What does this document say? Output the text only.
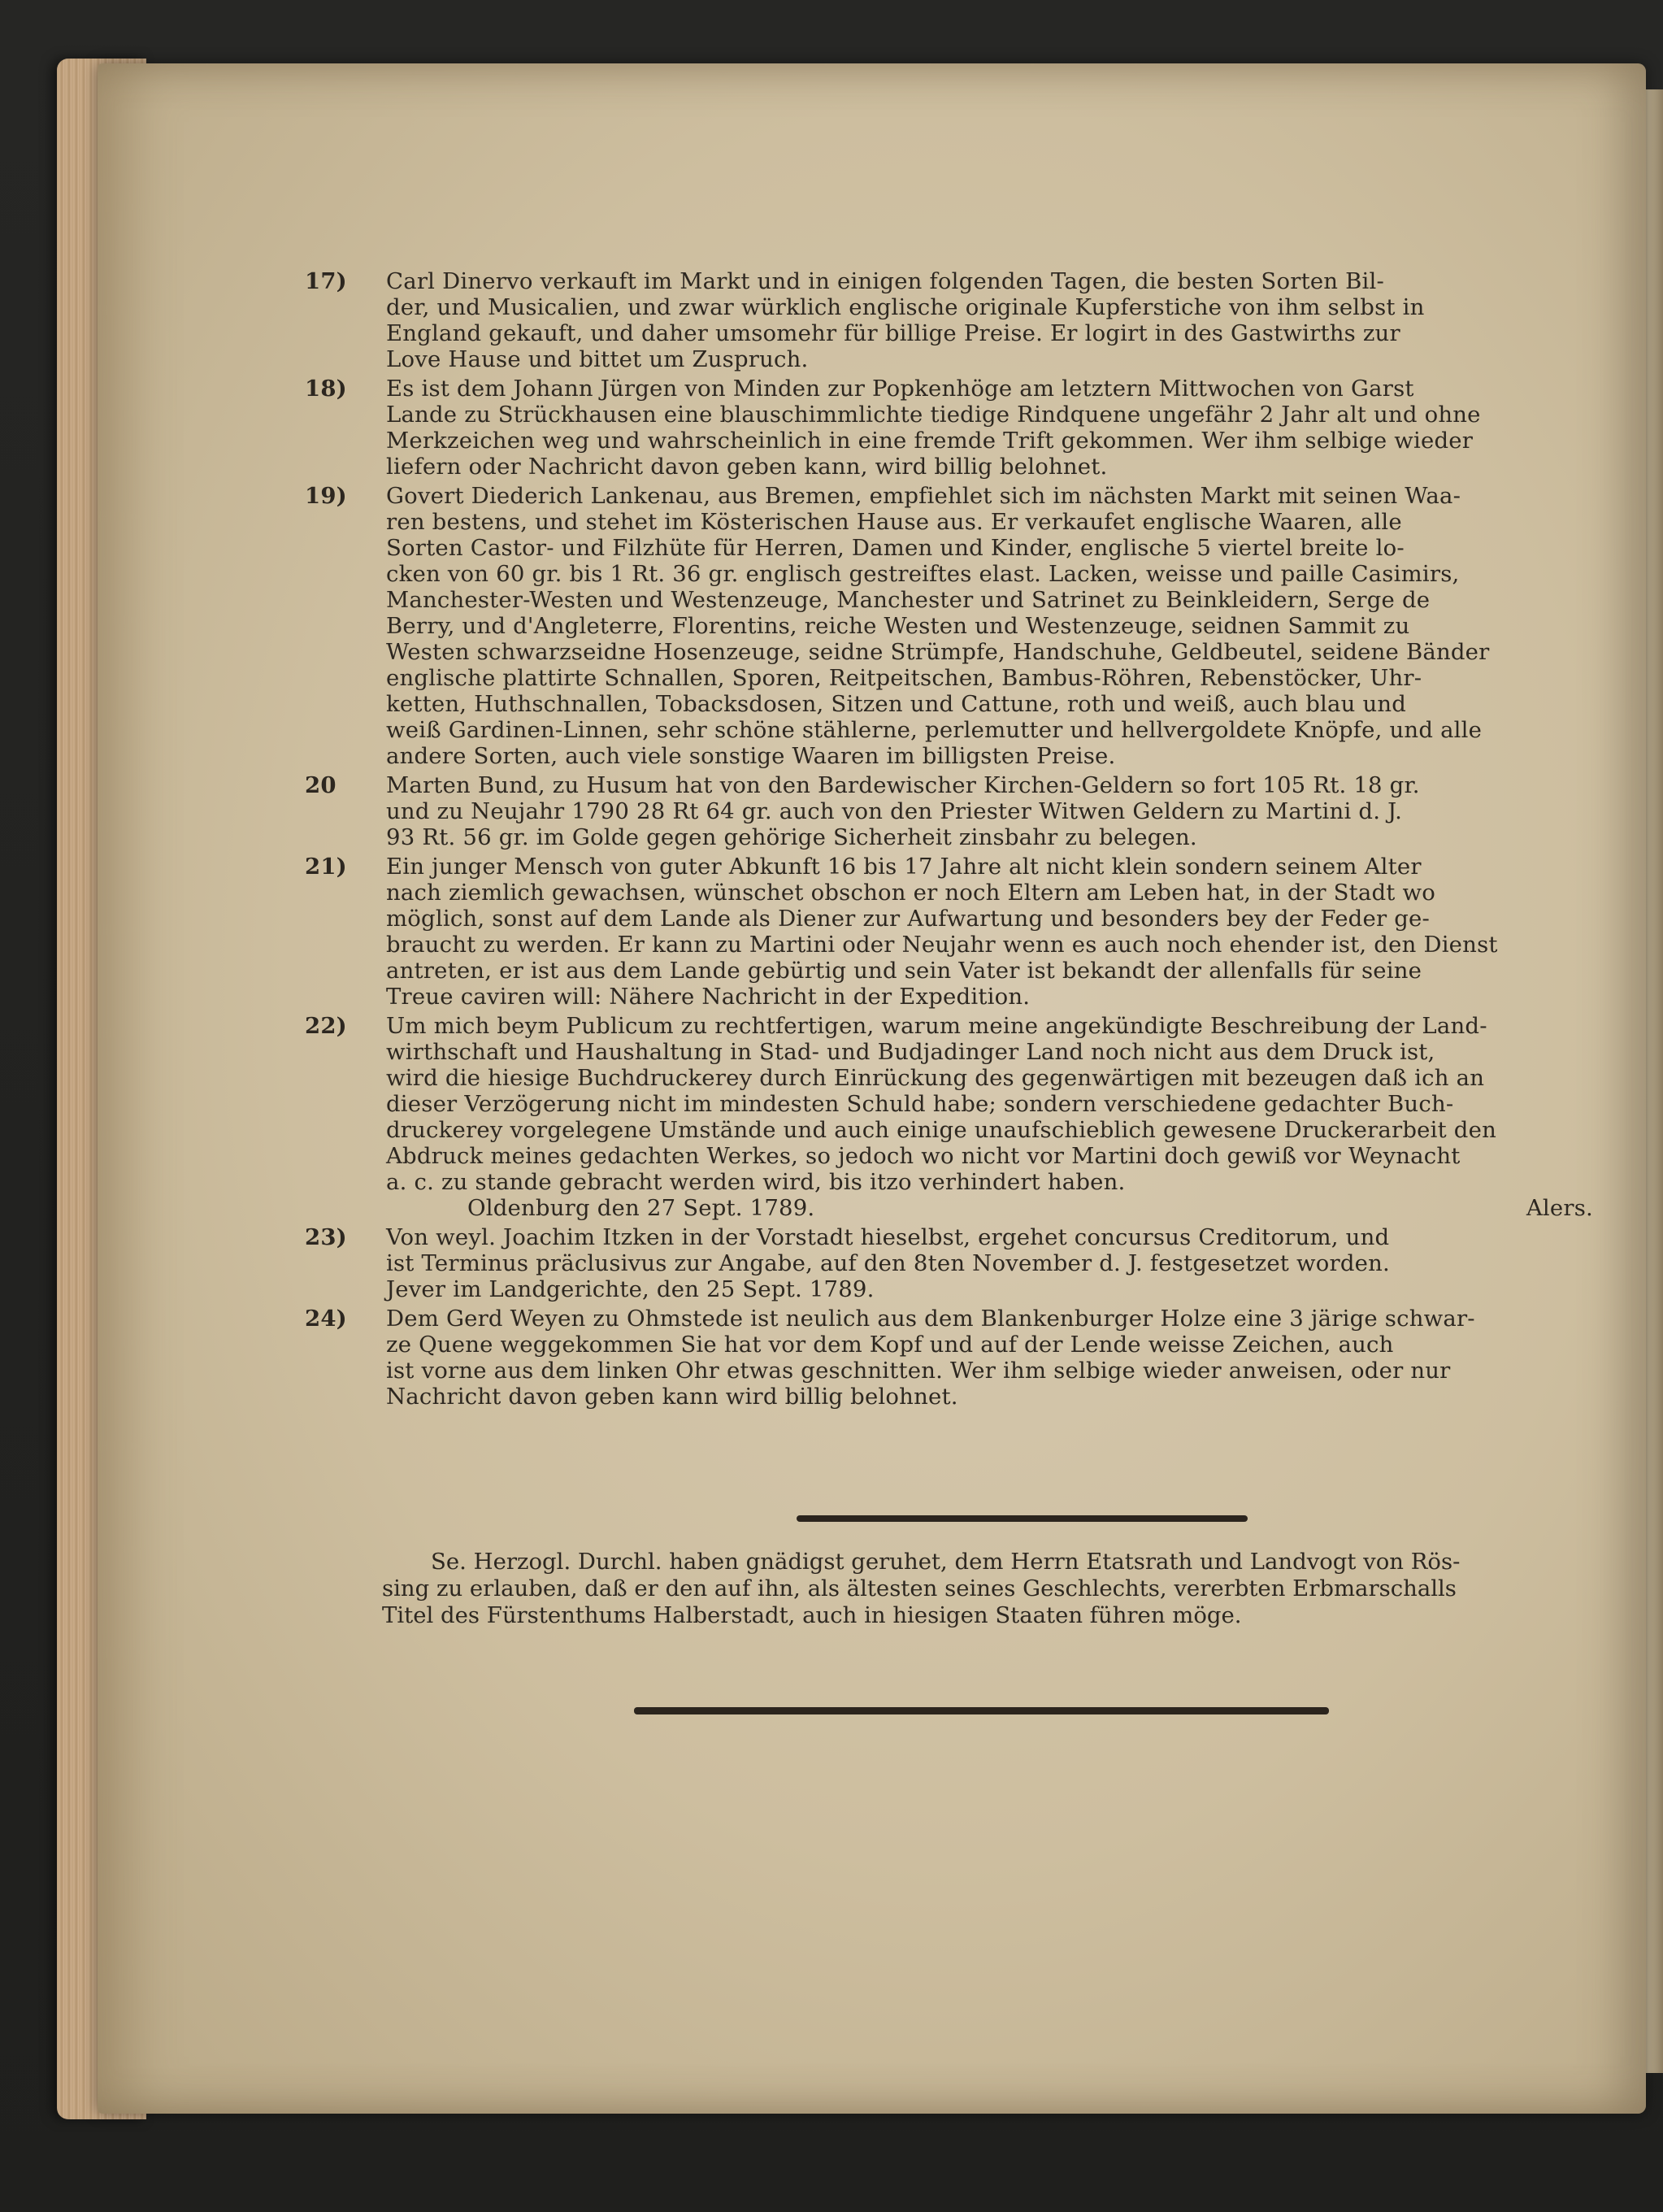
17)	Carl Dinervo verkauft im Markt und in einigen folgenden Tagen, die besten Sorten Bil-
der, und Musicalien, und zwar würklich englische originale Kupferstiche von ihm selbst in
England gekauft, und daher umsomehr für billige Preise. Er logirt in des Gastwirths zur
Love Hause und bittet um Zuspruch.
18)	Es ist dem Johann Jürgen von Minden zur Popkenhöge am letztern Mittwochen von Garst
Lande zu Strückhausen eine blauschimmlichte tiedige Rindquene ungefähr 2 Jahr alt und ohne
Merkzeichen weg und wahrscheinlich in eine fremde Trift gekommen. Wer ihm selbige wieder
liefern oder Nachricht davon geben kann, wird billig belohnet.
19)	Govert Diederich Lankenau, aus Bremen, empfiehlet sich im nächsten Markt mit seinen Waa-
ren bestens, und stehet im Kösterischen Hause aus. Er verkaufet englische Waaren, alle
Sorten Castor- und Filzhüte für Herren, Damen und Kinder, englische 5 viertel breite lo-
cken von 60 gr. bis 1 Rt. 36 gr. englisch gestreiftes elast. Lacken, weisse und paille Casimirs,
Manchester-Westen und Westenzeuge, Manchester und Satrinet zu Beinkleidern, Serge de
Berry, und d'Angleterre, Florentins, reiche Westen und Westenzeuge, seidnen Sammit zu
Westen schwarzseidne Hosenzeuge, seidne Strümpfe, Handschuhe, Geldbeutel, seidene Bänder
englische plattirte Schnallen, Sporen, Reitpeitschen, Bambus-Röhren, Rebenstöcker, Uhr-
ketten, Huthschnallen, Tobacksdosen, Sitzen und Cattune, roth und weiß, auch blau und
weiß Gardinen-Linnen, sehr schöne stählerne, perlemutter und hellvergoldete Knöpfe, und alle
andere Sorten, auch viele sonstige Waaren im billigsten Preise.
20	Marten Bund, zu Husum hat von den Bardewischer Kirchen-Geldern so fort 105 Rt. 18 gr.
und zu Neujahr 1790 28 Rt 64 gr. auch von den Priester Witwen Geldern zu Martini d. J.
93 Rt. 56 gr. im Golde gegen gehörige Sicherheit zinsbahr zu belegen.
21)	Ein junger Mensch von guter Abkunft 16 bis 17 Jahre alt nicht klein sondern seinem Alter
nach ziemlich gewachsen, wünschet obschon er noch Eltern am Leben hat, in der Stadt wo
möglich, sonst auf dem Lande als Diener zur Aufwartung und besonders bey der Feder ge-
braucht zu werden. Er kann zu Martini oder Neujahr wenn es auch noch ehender ist, den Dienst
antreten, er ist aus dem Lande gebürtig und sein Vater ist bekandt der allenfalls für seine
Treue caviren will: Nähere Nachricht in der Expedition.
22)	Um mich beym Publicum zu rechtfertigen, warum meine angekündigte Beschreibung der Land-
wirthschaft und Haushaltung in Stad- und Budjadinger Land noch nicht aus dem Druck ist,
wird die hiesige Buchdruckerey durch Einrückung des gegenwärtigen mit bezeugen daß ich an
dieser Verzögerung nicht im mindesten Schuld habe; sondern verschiedene gedachter Buch-
druckerey vorgelegene Umstände und auch einige unaufschieblich gewesene Druckerarbeit den
Abdruck meines gedachten Werkes, so jedoch wo nicht vor Martini doch gewiß vor Weynacht
a. c. zu stande gebracht werden wird, bis itzo verhindert haben.
Oldenburg den 27 Sept. 1789.	Alers.
23)	Von weyl. Joachim Itzken in der Vorstadt hieselbst, ergehet concursus Creditorum, und
ist Terminus präclusivus zur Angabe, auf den 8ten November d. J. festgesetzet worden.
Jever im Landgerichte, den 25 Sept. 1789.
24)	Dem Gerd Weyen zu Ohmstede ist neulich aus dem Blankenburger Holze eine 3 järige schwar-
ze Quene weggekommen Sie hat vor dem Kopf und auf der Lende weisse Zeichen, auch
ist vorne aus dem linken Ohr etwas geschnitten. Wer ihm selbige wieder anweisen, oder nur
Nachricht davon geben kann wird billig belohnet.
Se. Herzogl. Durchl. haben gnädigst geruhet, dem Herrn Etatsrath und Landvogt von Rös-
sing zu erlauben, daß er den auf ihn, als ältesten seines Geschlechts, vererbten Erbmarschalls
Titel des Fürstenthums Halberstadt, auch in hiesigen Staaten führen möge.
